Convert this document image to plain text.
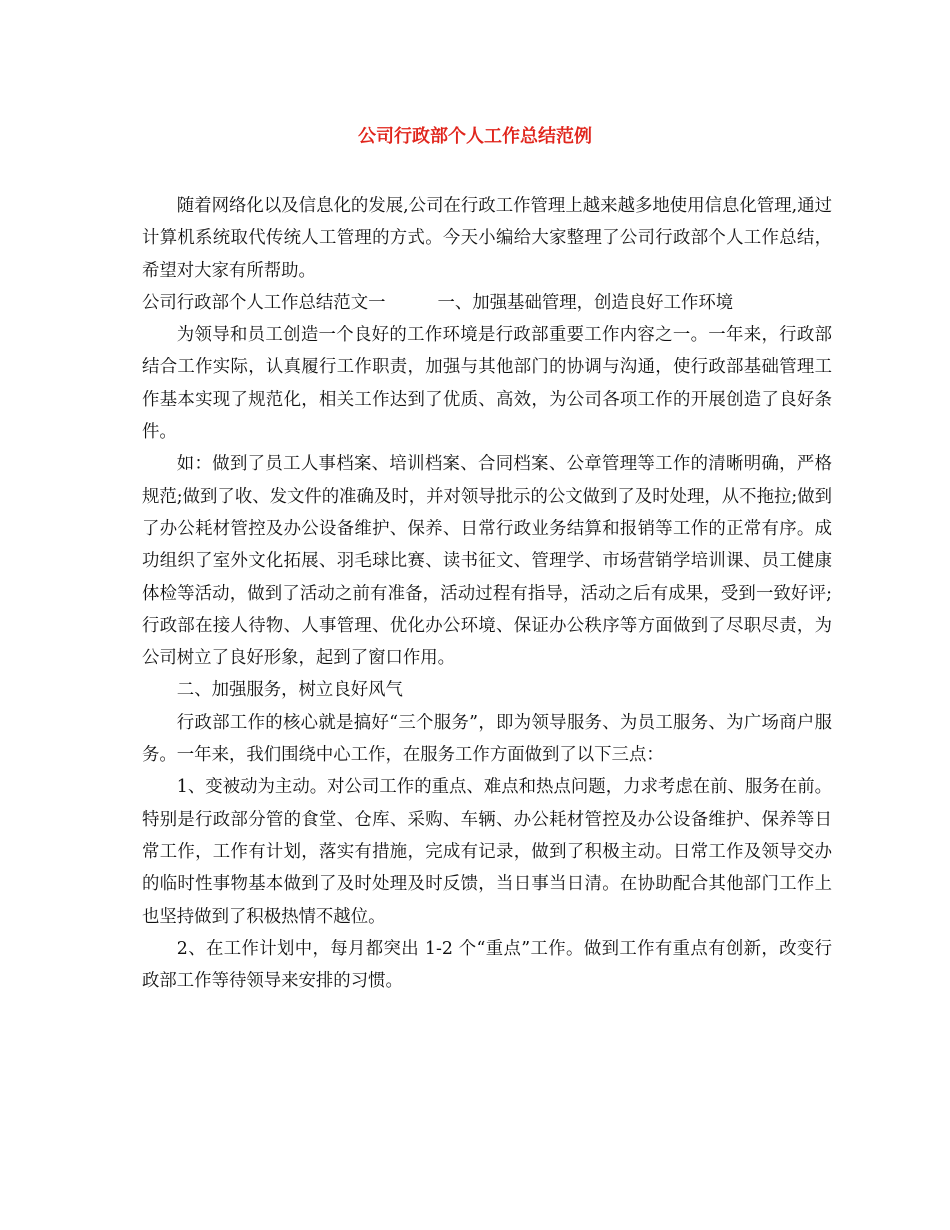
公司行政部个人工作总结范例

随着网络化以及信息化的发展,公司在行政工作管理上越来越多地使用信息化管理,通过计算机系统取代传统人工管理的方式。今天小编给大家整理了公司行政部个人工作总结，希望对大家有所帮助。

公司行政部个人工作总结范文一	一、加强基础管理，创造良好工作环境

为领导和员工创造一个良好的工作环境是行政部重要工作内容之一。一年来，行政部结合工作实际，认真履行工作职责，加强与其他部门的协调与沟通，使行政部基础管理工作基本实现了规范化，相关工作达到了优质、高效，为公司各项工作的开展创造了良好条件。

如：做到了员工人事档案、培训档案、合同档案、公章管理等工作的清晰明确，严格规范;做到了收、发文件的准确及时，并对领导批示的公文做到了及时处理，从不拖拉;做到了办公耗材管控及办公设备维护、保养、日常行政业务结算和报销等工作的正常有序。成功组织了室外文化拓展、羽毛球比赛、读书征文、管理学、市场营销学培训课、员工健康体检等活动，做到了活动之前有准备，活动过程有指导，活动之后有成果，受到一致好评;行政部在接人待物、人事管理、优化办公环境、保证办公秩序等方面做到了尽职尽责，为公司树立了良好形象，起到了窗口作用。

二、加强服务，树立良好风气

行政部工作的核心就是搞好“三个服务”，即为领导服务、为员工服务、为广场商户服务。一年来，我们围绕中心工作，在服务工作方面做到了以下三点：

1、变被动为主动。对公司工作的重点、难点和热点问题，力求考虑在前、服务在前。特别是行政部分管的食堂、仓库、采购、车辆、办公耗材管控及办公设备维护、保养等日常工作，工作有计划，落实有措施，完成有记录，做到了积极主动。日常工作及领导交办的临时性事物基本做到了及时处理及时反馈，当日事当日清。在协助配合其他部门工作上也坚持做到了积极热情不越位。

2、在工作计划中，每月都突出 1-2 个“重点”工作。做到工作有重点有创新，改变行政部工作等待领导来安排的习惯。
